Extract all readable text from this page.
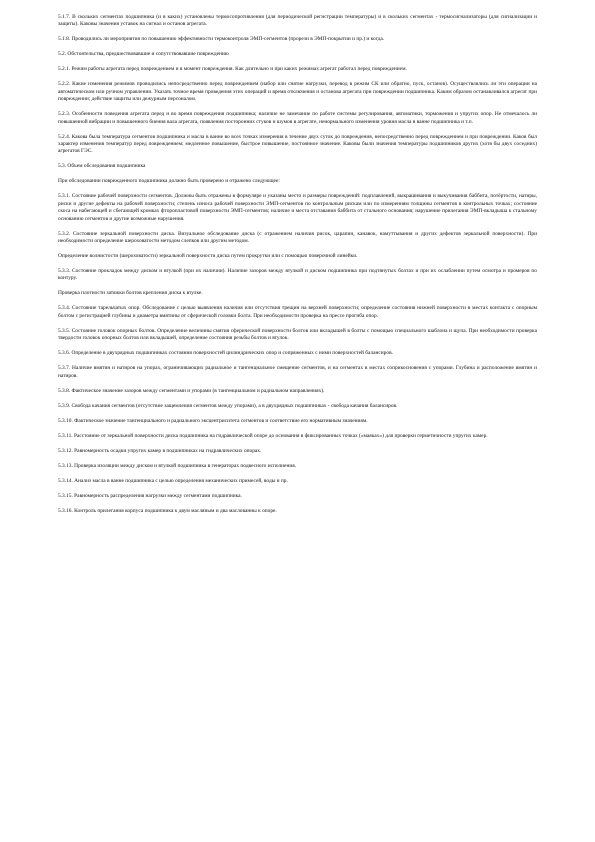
5.1.7. В скольких сегментах подшипника (и в каких) установлены термосопротивления (для периодической регистрации температуры) и в скольких сегментах - термосигнализаторы (для сигнализации и защиты). Каковы значения уставок на сигнал и останов агрегата.

5.1.8. Проводились ли мероприятия по повышению эффективности термоконтроля ЭМП-сегментов (прорези в ЭМП-покрытии и пр.) и когда.

5.2. Обстоятельства, предшествовавшие и сопутствовавшие повреждению

5.2.1. Режим работы агрегата перед повреждением и в момент повреждения. Как длительно и при каких режимах агрегат работал перед повреждением.

5.2.2. Какие изменения режимов проводились непосредственно перед повреждением (набор или снятие нагрузки, перевод в режим СК или обратно, пуск, останов). Осуществлялись ли эти операции на автоматическом или ручном управлении. Указать точное время проведения этих операций и время отключения и останова агрегата при повреждении подшипника. Каким образом останавливался агрегат при повреждении; действие защиты или дежурным персоналом.

5.2.3. Особенности поведения агрегата перед и во время повреждения подшипника; наличие не замечание по работе системы регулирования, автоматики, торможения и упругих опор. Не отмечалось ли повышенной вибрации и повышенного биения вала агрегата, появления посторонних стуков и шумов в агрегате, ненормального изменения уровня масла в ванне подшипника и т.п.

5.2.4. Какова была температура сегментов подшипника и масла в ванне во всех точках измерения в течение двух суток до повреждения, непосредственно перед повреждением и при повреждении. Каков был характер изменения температур перед повреждением; медленное повышение, быстрое повышение, постоянное значение. Каковы были значения температуры подшипников других (хотя бы двух соседних) агрегатов ГЭС.

5.3. Объем обследования подшипника

При обследовании поврежденного подшипника должно быть проверено и отражено следующее:

5.3.1. Состояние рабочей поверхности сегментов. Должны быть отражены в формуляре и указаны место и размеры повреждений: подплавлений, выкрашивания и выкучивания баббита, потёртости, натиры, риски и другие дефекты на рабочей поверхности; степень износа рабочей поверхности ЭМП-сегментов по контрольным рискам или по измерениям толщины сегментов в контрольных точках; состояние скоса на набегающей и сбегающей кромках фторопластовой поверхности ЭМП-сегментов; наличие и места отставания баббита от стального основания; нарушение прилегания ЭМП-вкладыша к стальному основанию сегментов и другие возможные нарушения.

5.3.2. Состояние зеркальной поверхности диска. Визуальное обследование диска (с отражением наличия рисок, царапин, канавок, намуттывания и других дефектов зеркальной поверхности). При необходимости определение шероховатости методом слепков или другим методом.

Определение волнистости (шероховатости) зеркальной поверхности диска путем прокрутки или с помощью поверочной линейки.

5.3.3. Состояние прокладок между диском и втулкой (при их наличии). Наличие зазоров между втулкой и диском подшипника при подтянутых болтах и при их ослаблении путем осмотра и промеров по контуру.

Проверка плотности затяжки болтов крепления диска к втулке.

5.3.4. Состояние тарельчатых опор. Обследование с целью выявления наличия или отсутствия трещин на верхней поверхности; определение состояния нижней поверхности в местах контакта с опорным болтом с регистрацией глубины и диаметра вмятины от сферической головки болта. При необходимости проверка на прессе прогиба опор.

5.3.5. Состояние головок опорных болтов. Определение величины смятия сферической поверхности болтов или вкладышей в болты с помощью специального шаблона и щупа. При необходимости проверка твердости головок опорных болтов или вкладышей, определение состояния резьбы болтов и втулок.

5.3.6. Определение в двухрядных подшипниках состояния поверхностей цилиндрических опор и сопряженных с ними поверхностей балансиров.

5.3.7. Наличие вмятин и натиров на упорах, ограничивающих радиальное и тангенциальное смещение сегментов, и на сегментах в местах соприкосновения с упорами. Глубина и расположение вмятин и натиров.

5.3.8. Фактическое значение зазоров между сегментами и упорами (в тангенциальном и радиальном направлениях).

5.3.9. Свобода качания сегментов (отсутствие защемления сегментов между упорами), а в двухрядных подшипниках - свобода качания балансиров.

5.3.10. Фактическое значение тангенциального и радиального эксцентриситета сегментов и соответствие его нормативным значениям.

5.3.11. Расстояние от зеркальной поверхности диска подшипника на гидравлической опоре до основания в фиксированных точках («маяках») для проверки герметичности упругих камер.

5.3.12. Равномерность осадки упругих камер в подшипниках на гидравлических опорах.

5.3.13. Проверка изоляции между диском и втулкой подшипника в генераторах подвесного исполнения.

5.3.14. Анализ масла в ванне подшипника с целью определения механических примесей, воды и пр.

5.3.15. Равномерность распределения нагрузки между сегментами подшипника.

5.3.16. Контроль прилегания корпуса подшипника к двум масляным и два маслованны к опоре.
